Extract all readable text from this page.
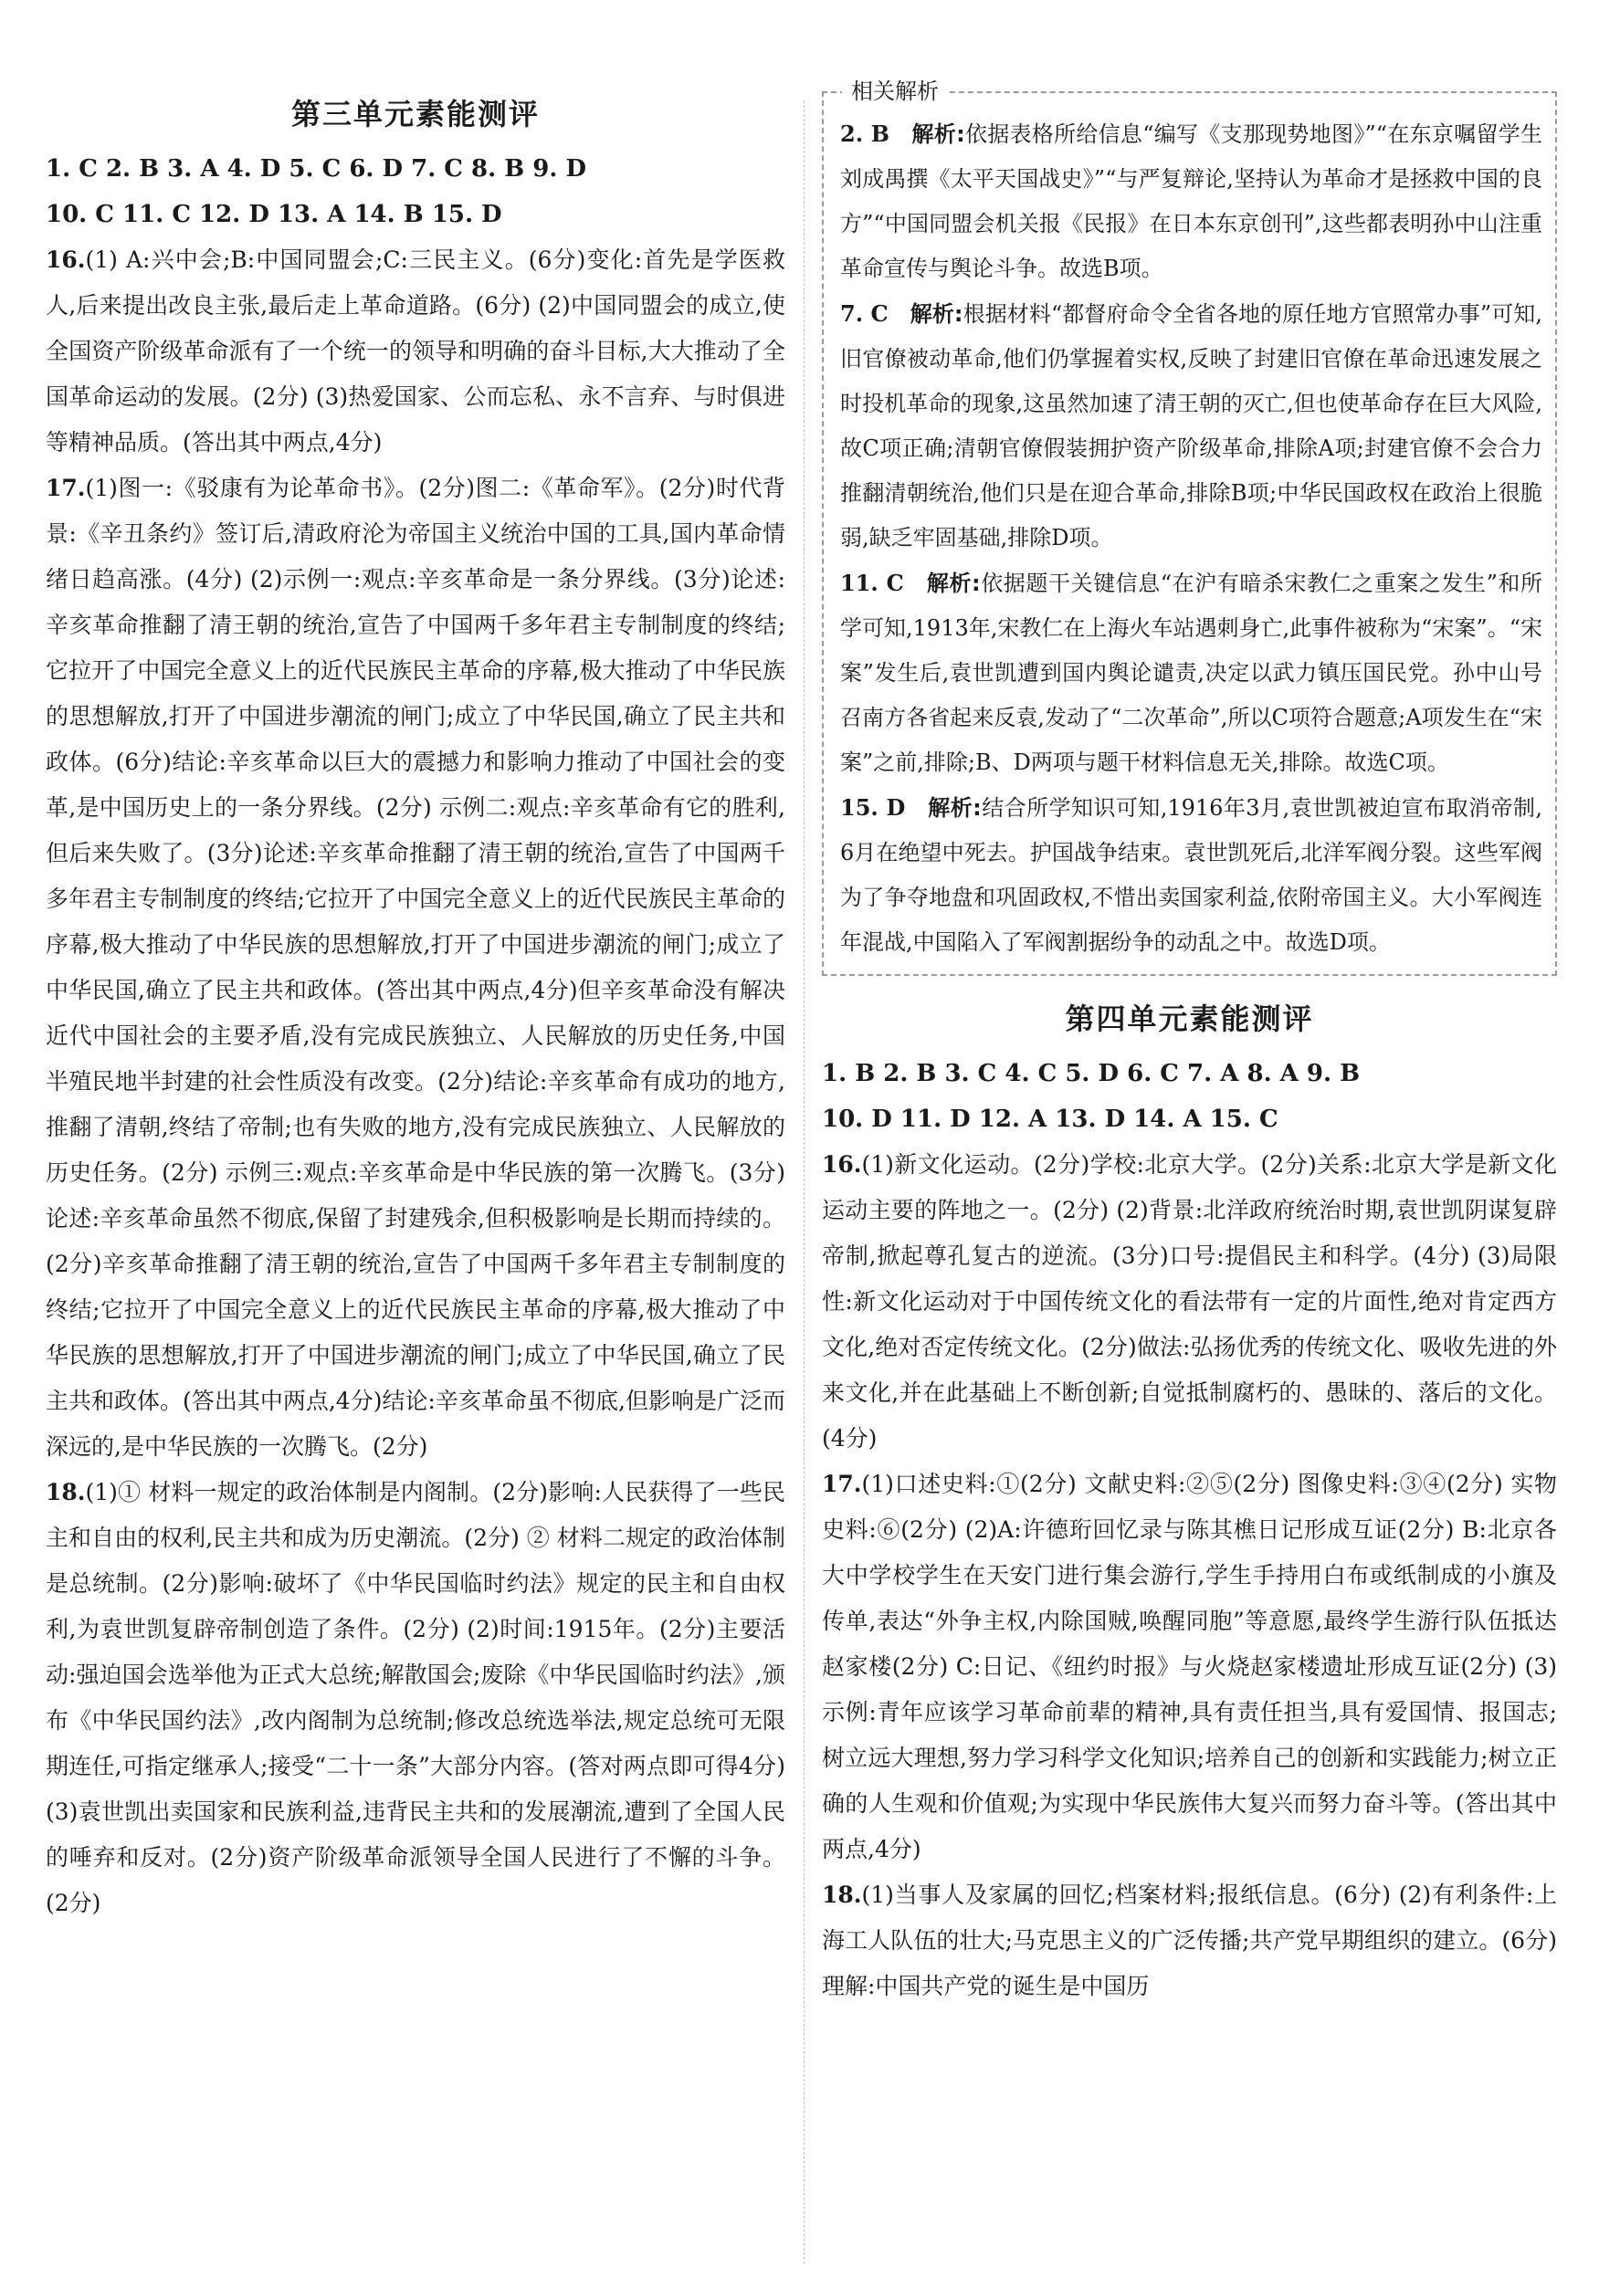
第三单元素能测评

1. C 2. B 3. A 4. D 5. C 6. D 7. C 8. B 9. D

10. C 11. C 12. D 13. A 14. B 15. D

16.(1) A:兴中会;B:中国同盟会;C:三民主义。(6分)变化:首先是学医救人,后来提出改良主张,最后走上革命道路。(6分) (2)中国同盟会的成立,使全国资产阶级革命派有了一个统一的领导和明确的奋斗目标,大大推动了全国革命运动的发展。(2分) (3)热爱国家、公而忘私、永不言弃、与时俱进等精神品质。(答出其中两点,4分)

17.(1)图一:《驳康有为论革命书》。(2分)图二:《革命军》。(2分)时代背景:《辛丑条约》签订后,清政府沦为帝国主义统治中国的工具,国内革命情绪日趋高涨。(4分) (2)示例一:观点:辛亥革命是一条分界线。(3分)论述:辛亥革命推翻了清王朝的统治,宣告了中国两千多年君主专制制度的终结;它拉开了中国完全意义上的近代民族民主革命的序幕,极大推动了中华民族的思想解放,打开了中国进步潮流的闸门;成立了中华民国,确立了民主共和政体。(6分)结论:辛亥革命以巨大的震撼力和影响力推动了中国社会的变革,是中国历史上的一条分界线。(2分) 示例二:观点:辛亥革命有它的胜利,但后来失败了。(3分)论述:辛亥革命推翻了清王朝的统治,宣告了中国两千多年君主专制制度的终结;它拉开了中国完全意义上的近代民族民主革命的序幕,极大推动了中华民族的思想解放,打开了中国进步潮流的闸门;成立了中华民国,确立了民主共和政体。(答出其中两点,4分)但辛亥革命没有解决近代中国社会的主要矛盾,没有完成民族独立、人民解放的历史任务,中国半殖民地半封建的社会性质没有改变。(2分)结论:辛亥革命有成功的地方,推翻了清朝,终结了帝制;也有失败的地方,没有完成民族独立、人民解放的历史任务。(2分) 示例三:观点:辛亥革命是中华民族的第一次腾飞。(3分)论述:辛亥革命虽然不彻底,保留了封建残余,但积极影响是长期而持续的。(2分)辛亥革命推翻了清王朝的统治,宣告了中国两千多年君主专制制度的终结;它拉开了中国完全意义上的近代民族民主革命的序幕,极大推动了中华民族的思想解放,打开了中国进步潮流的闸门;成立了中华民国,确立了民主共和政体。(答出其中两点,4分)结论:辛亥革命虽不彻底,但影响是广泛而深远的,是中华民族的一次腾飞。(2分)

18.(1)① 材料一规定的政治体制是内阁制。(2分)影响:人民获得了一些民主和自由的权利,民主共和成为历史潮流。(2分) ② 材料二规定的政治体制是总统制。(2分)影响:破坏了《中华民国临时约法》规定的民主和自由权利,为袁世凯复辟帝制创造了条件。(2分) (2)时间:1915年。(2分)主要活动:强迫国会选举他为正式大总统;解散国会;废除《中华民国临时约法》,颁布《中华民国约法》,改内阁制为总统制;修改总统选举法,规定总统可无限期连任,可指定继承人;接受“二十一条”大部分内容。(答对两点即可得4分) (3)袁世凯出卖国家和民族利益,违背民主共和的发展潮流,遭到了全国人民的唾弃和反对。(2分)资产阶级革命派领导全国人民进行了不懈的斗争。(2分)

相关解析

2. B　 解析:依据表格所给信息“编写《支那现势地图》”“在东京嘱留学生刘成禺撰《太平天国战史》”“与严复辩论,坚持认为革命才是拯救中国的良方”“中国同盟会机关报《民报》在日本东京创刊”,这些都表明孙中山注重革命宣传与舆论斗争。故选B项。

7. C　 解析:根据材料“都督府命令全省各地的原任地方官照常办事”可知,旧官僚被动革命,他们仍掌握着实权,反映了封建旧官僚在革命迅速发展之时投机革命的现象,这虽然加速了清王朝的灭亡,但也使革命存在巨大风险,故C项正确;清朝官僚假装拥护资产阶级革命,排除A项;封建官僚不会合力推翻清朝统治,他们只是在迎合革命,排除B项;中华民国政权在政治上很脆弱,缺乏牢固基础,排除D项。

11. C　 解析:依据题干关键信息“在沪有暗杀宋教仁之重案之发生”和所学可知,1913年,宋教仁在上海火车站遇刺身亡,此事件被称为“宋案”。“宋案”发生后,袁世凯遭到国内舆论谴责,决定以武力镇压国民党。孙中山号召南方各省起来反袁,发动了“二次革命”,所以C项符合题意;A项发生在“宋案”之前,排除;B、D两项与题干材料信息无关,排除。故选C项。

15. D　 解析:结合所学知识可知,1916年3月,袁世凯被迫宣布取消帝制,6月在绝望中死去。护国战争结束。袁世凯死后,北洋军阀分裂。这些军阀为了争夺地盘和巩固政权,不惜出卖国家利益,依附帝国主义。大小军阀连年混战,中国陷入了军阀割据纷争的动乱之中。故选D项。

第四单元素能测评

1. B 2. B 3. C 4. C 5. D 6. C 7. A 8. A 9. B

10. D 11. D 12. A 13. D 14. A 15. C

16.(1)新文化运动。(2分)学校:北京大学。(2分)关系:北京大学是新文化运动主要的阵地之一。(2分) (2)背景:北洋政府统治时期,袁世凯阴谋复辟帝制,掀起尊孔复古的逆流。(3分)口号:提倡民主和科学。(4分) (3)局限性:新文化运动对于中国传统文化的看法带有一定的片面性,绝对肯定西方文化,绝对否定传统文化。(2分)做法:弘扬优秀的传统文化、吸收先进的外来文化,并在此基础上不断创新;自觉抵制腐朽的、愚昧的、落后的文化。(4分)

17.(1)口述史料:①(2分) 文献史料:②⑤(2分) 图像史料:③④(2分) 实物史料:⑥(2分) (2)A:许德珩回忆录与陈其樵日记形成互证(2分) B:北京各大中学校学生在天安门进行集会游行,学生手持用白布或纸制成的小旗及传单,表达“外争主权,内除国贼,唤醒同胞”等意愿,最终学生游行队伍抵达赵家楼(2分) C:日记、《纽约时报》与火烧赵家楼遗址形成互证(2分) (3)示例:青年应该学习革命前辈的精神,具有责任担当,具有爱国情、报国志;树立远大理想,努力学习科学文化知识;培养自己的创新和实践能力;树立正确的人生观和价值观;为实现中华民族伟大复兴而努力奋斗等。(答出其中两点,4分)

18.(1)当事人及家属的回忆;档案材料;报纸信息。(6分) (2)有利条件:上海工人队伍的壮大;马克思主义的广泛传播;共产党早期组织的建立。(6分)理解:中国共产党的诞生是中国历
